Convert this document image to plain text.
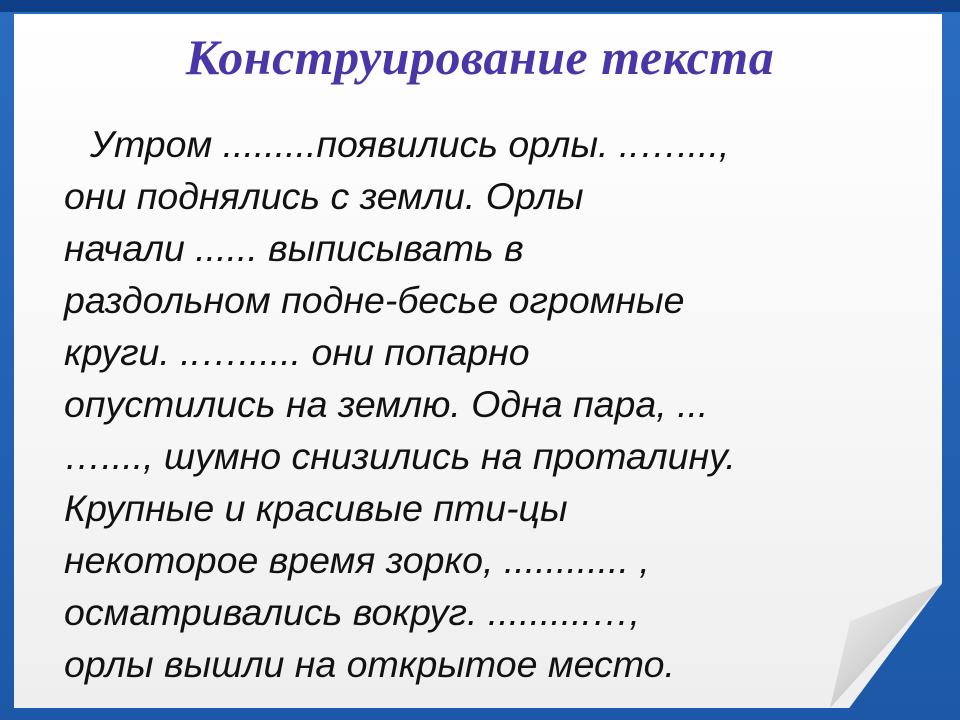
Конструирование текста
Утром .........появились орлы. ..…....,
они поднялись с земли. Орлы
начали ...... выписывать в
раздольном подне-бесье огромные
круги. ..…...... они попарно
опустились на землю. Одна пара, ...
…...., шумно снизились на проталину.
Крупные и красивые пти-цы
некоторое время зорко, ............ ,
осматривались вокруг. ..........…,
орлы вышли на открытое место.
